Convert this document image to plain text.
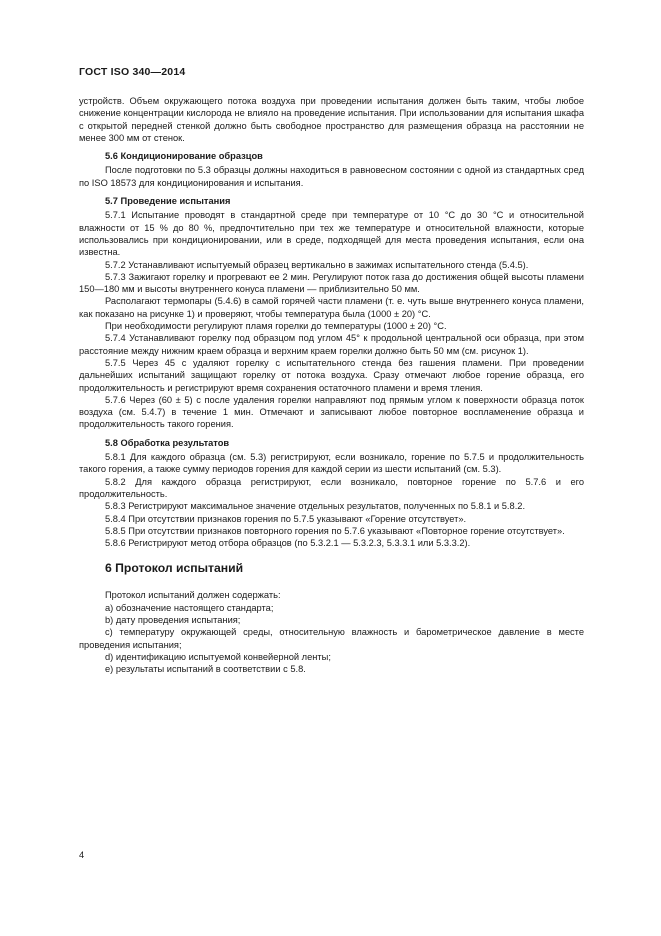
ГОСТ ISO 340—2014

устройств. Объем окружающего потока воздуха при проведении испытания должен быть таким, чтобы любое снижение концентрации кислорода не влияло на проведение испытания. При использовании для испытания шкафа с открытой передней стенкой должно быть свободное пространство для размещения образца на расстоянии не менее 300 мм от стенок.

5.6 Кондиционирование образцов

После подготовки по 5.3 образцы должны находиться в равновесном состоянии с одной из стандартных сред по ISO 18573 для кондиционирования и испытания.

5.7 Проведение испытания

5.7.1 Испытание проводят в стандартной среде при температуре от 10 °С до 30 °С и относительной влажности от 15 % до 80 %, предпочтительно при тех же температуре и относительной влажности, которые использовались при кондиционировании, или в среде, подходящей для места проведения испытания, если она известна.

5.7.2 Устанавливают испытуемый образец вертикально в зажимах испытательного стенда (5.4.5).

5.7.3 Зажигают горелку и прогревают ее 2 мин. Регулируют поток газа до достижения общей высоты пламени 150—180 мм и высоты внутреннего конуса пламени — приблизительно 50 мм.

Располагают термопары (5.4.6) в самой горячей части пламени (т. е. чуть выше внутреннего конуса пламени, как показано на рисунке 1) и проверяют, чтобы температура была (1000 ± 20) °С.

При необходимости регулируют пламя горелки до температуры (1000 ± 20) °С.

5.7.4 Устанавливают горелку под образцом под углом 45° к продольной центральной оси образца, при этом расстояние между нижним краем образца и верхним краем горелки должно быть 50 мм (см. рисунок 1).

5.7.5 Через 45 с удаляют горелку с испытательного стенда без гашения пламени. При проведении дальнейших испытаний защищают горелку от потока воздуха. Сразу отмечают любое горение образца, его продолжительность и регистрируют время сохранения остаточного пламени и время тления.

5.7.6 Через (60 ± 5) с после удаления горелки направляют под прямым углом к поверхности образца поток воздуха (см. 5.4.7) в течение 1 мин. Отмечают и записывают любое повторное воспламенение образца и продолжительность такого горения.

5.8 Обработка результатов

5.8.1 Для каждого образца (см. 5.3) регистрируют, если возникало, горение по 5.7.5 и продолжительность такого горения, а также сумму периодов горения для каждой серии из шести испытаний (см. 5.3).

5.8.2 Для каждого образца регистрируют, если возникало, повторное горение по 5.7.6 и его продолжительность.

5.8.3 Регистрируют максимальное значение отдельных результатов, полученных по 5.8.1 и 5.8.2.

5.8.4 При отсутствии признаков горения по 5.7.5 указывают «Горение отсутствует».

5.8.5 При отсутствии признаков повторного горения по 5.7.6 указывают «Повторное горение отсутствует».

5.8.6 Регистрируют метод отбора образцов (по 5.3.2.1 — 5.3.2.3, 5.3.3.1 или 5.3.3.2).

6 Протокол испытаний

Протокол испытаний должен содержать:

а) обозначение настоящего стандарта;

b) дату проведения испытания;

с) температуру окружающей среды, относительную влажность и барометрическое давление в месте проведения испытания;

d) идентификацию испытуемой конвейерной ленты;

е) результаты испытаний в соответствии с 5.8.

4
